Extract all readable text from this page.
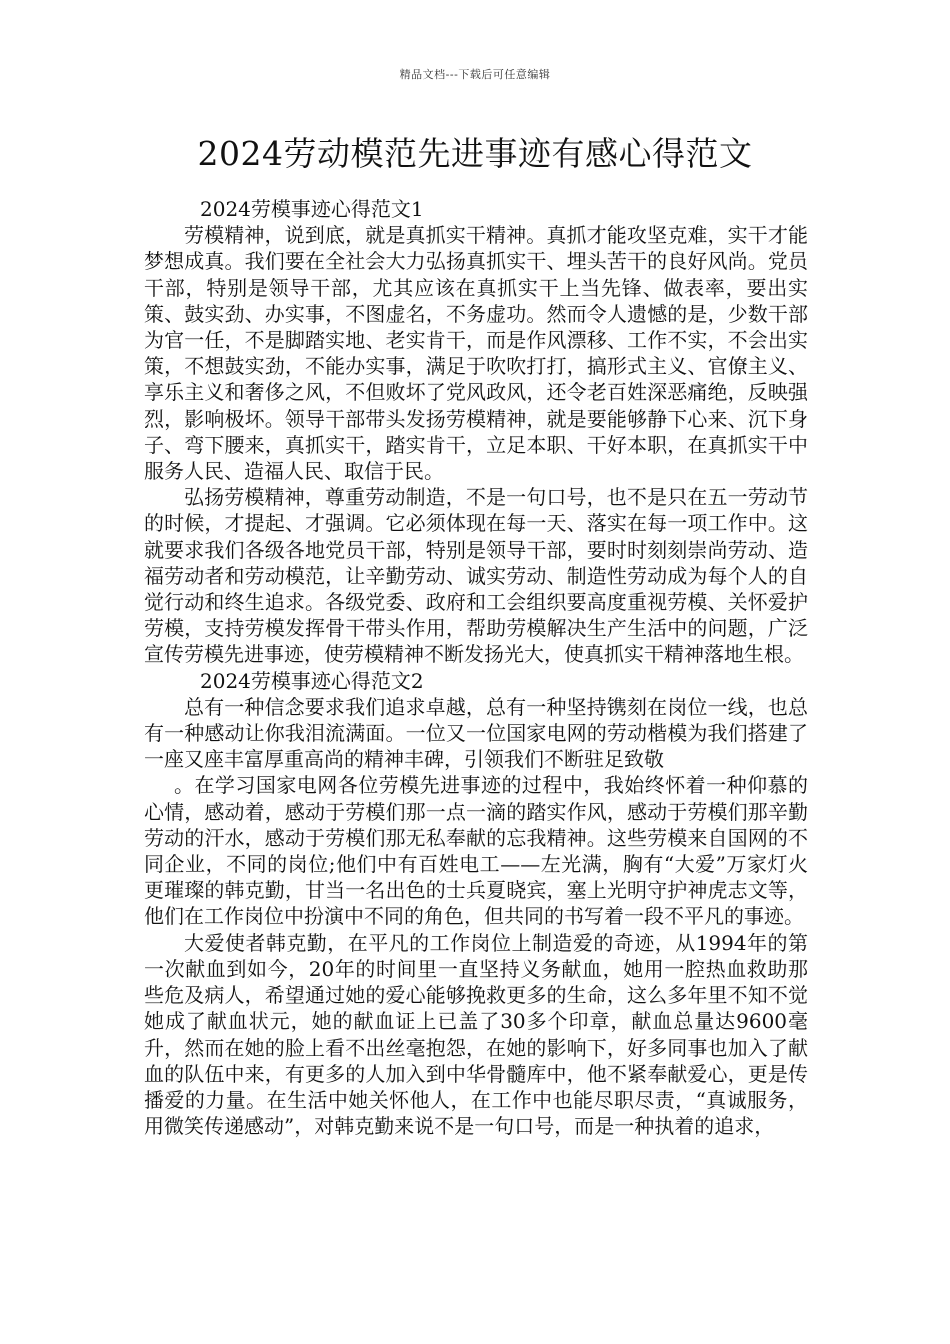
精品文档---下载后可任意编辑
2024劳动模范先进事迹有感心得范文

2024劳模事迹心得范文1

劳模精神，说到底，就是真抓实干精神。真抓才能攻坚克难，实干才能梦想成真。我们要在全社会大力弘扬真抓实干、埋头苦干的良好风尚。党员干部，特别是领导干部，尤其应该在真抓实干上当先锋、做表率，要出实策、鼓实劲、办实事，不图虚名，不务虚功。然而令人遗憾的是，少数干部为官一任，不是脚踏实地、老实肯干，而是作风漂移、工作不实，不会出实策，不想鼓实劲，不能办实事，满足于吹吹打打，搞形式主义、官僚主义、享乐主义和奢侈之风，不但败坏了党风政风，还令老百姓深恶痛绝，反映强烈，影响极坏。领导干部带头发扬劳模精神，就是要能够静下心来、沉下身子、弯下腰来，真抓实干，踏实肯干，立足本职、干好本职，在真抓实干中服务人民、造福人民、取信于民。

弘扬劳模精神，尊重劳动制造，不是一句口号，也不是只在五一劳动节的时候，才提起、才强调。它必须体现在每一天、落实在每一项工作中。这就要求我们各级各地党员干部，特别是领导干部，要时时刻刻崇尚劳动、造福劳动者和劳动模范，让辛勤劳动、诚实劳动、制造性劳动成为每个人的自觉行动和终生追求。各级党委、政府和工会组织要高度重视劳模、关怀爱护劳模，支持劳模发挥骨干带头作用，帮助劳模解决生产生活中的问题，广泛宣传劳模先进事迹，使劳模精神不断发扬光大，使真抓实干精神落地生根。

2024劳模事迹心得范文2

总有一种信念要求我们追求卓越，总有一种坚持镌刻在岗位一线，也总有一种感动让你我泪流满面。一位又一位国家电网的劳动楷模为我们搭建了一座又座丰富厚重高尚的精神丰碑，引领我们不断驻足致敬

。在学习国家电网各位劳模先进事迹的过程中，我始终怀着一种仰慕的心情，感动着，感动于劳模们那一点一滴的踏实作风，感动于劳模们那辛勤劳动的汗水，感动于劳模们那无私奉献的忘我精神。这些劳模来自国网的不同企业，不同的岗位;他们中有百姓电工——左光满，胸有“大爱”万家灯火更璀璨的韩克勤，甘当一名出色的士兵夏晓宾，塞上光明守护神虎志文等，他们在工作岗位中扮演中不同的角色，但共同的书写着一段不平凡的事迹。

大爱使者韩克勤，在平凡的工作岗位上制造爱的奇迹，从1994年的第一次献血到如今，20年的时间里一直坚持义务献血，她用一腔热血救助那些危及病人，希望通过她的爱心能够挽救更多的生命，这么多年里不知不觉她成了献血状元，她的献血证上已盖了30多个印章，献血总量达9600毫升，然而在她的脸上看不出丝毫抱怨，在她的影响下，好多同事也加入了献血的队伍中来，有更多的人加入到中华骨髓库中，他不紧奉献爱心，更是传播爱的力量。在生活中她关怀他人，在工作中也能尽职尽责，“真诚服务，用微笑传递感动”，对韩克勤来说不是一句口号，而是一种执着的追求，
